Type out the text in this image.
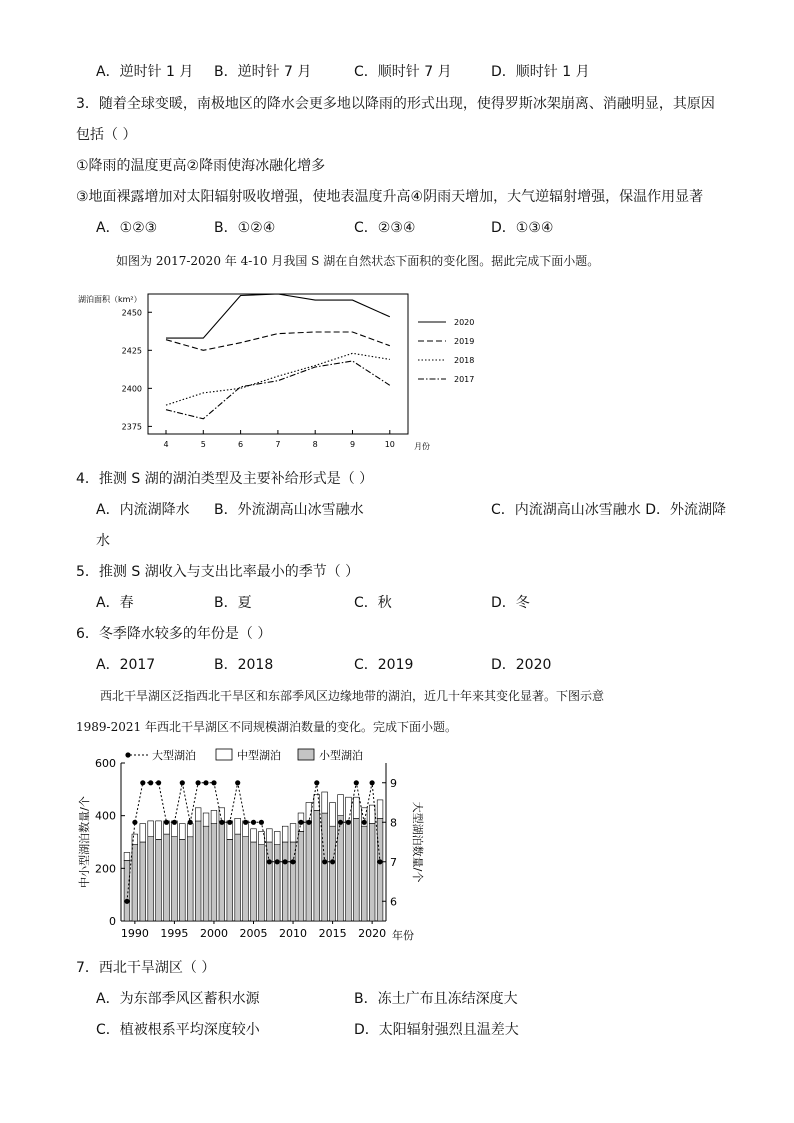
A．逆时针 1 月 B．逆时针 7 月	C．顺时针 7 月	D．顺时针 1 月
3．随着全球变暖，南极地区的降水会更多地以降雨的形式出现，使得罗斯冰架崩离、消融明显，其原因
包括（ ）
①降雨的温度更高②降雨使海冰融化增多
③地面裸露增加对太阳辐射吸收增强，使地表温度升高④阴雨天增加，大气逆辐射增强，保温作用显著
A．①②③	B．①②④	C．②③④	D．①③④
如图为 2017-2020 年 4-10 月我国 S 湖在自然状态下面积的变化图。据此完成下面小题。
湖泊面积（km²）
2375
2400
2425
2450
4	5	6	7	8	9	10
2020
2019
2018
2017
月份
4．推测 S 湖的湖泊类型及主要补给形式是（ ）
A．内流湖降水 B．外流湖高山冰雪融水	C．内流湖高山冰雪融水 D．外流湖降
水
5．推测 S 湖收入与支出比率最小的季节（ ）
A．春	B．夏	C．秋	D．冬
6．冬季降水较多的年份是（ ）
A．2017	B．2018	C．2019	D．2020
西北干旱湖区泛指西北干旱区和东部季风区边缘地带的湖泊，近几十年来其变化显著。下图示意
1989-2021 年西北干旱湖区不同规模湖泊数量的变化。完成下面小题。
大型湖泊	中型湖泊	小型湖泊
0
200
400
600
6
7
8
9
1990 1995 2000 2005 2010 2015 2020
中小型湖泊数量/个	大型湖泊数量/个
年份
7．西北干旱湖区（ ）
A．为东部季风区蓄积水源	B．冻土广布且冻结深度大
C．植被根系平均深度较小	D．太阳辐射强烈且温差大
